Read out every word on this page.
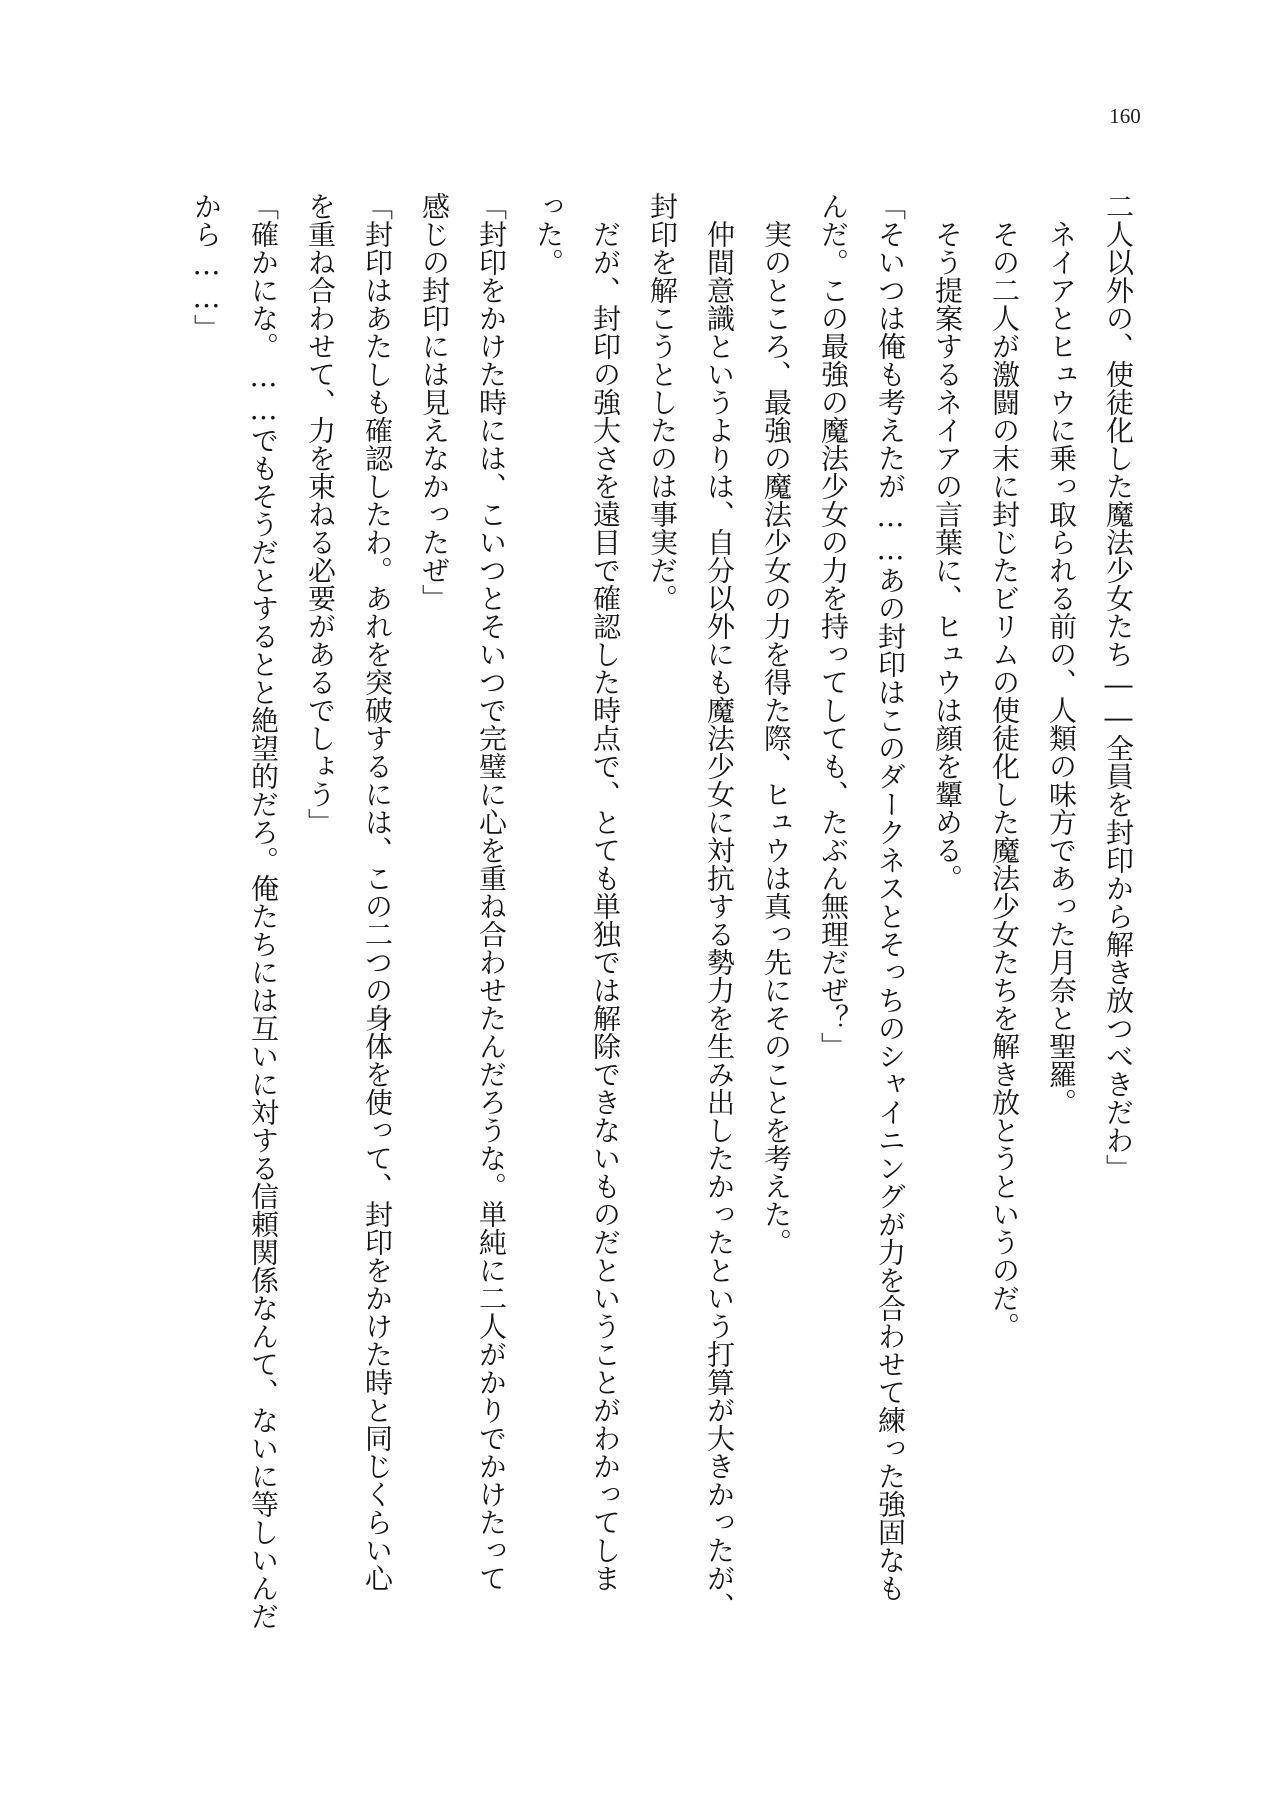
160
二人以外の、使徒化した魔法少女たち――全員を封印から解き放つべきだわ」
ネイアとヒュウに乗っ取られる前の、人類の味方であった月奈と聖羅。
その二人が激闘の末に封じたビリムの使徒化した魔法少女たちを解き放とうというのだ。
そう提案するネイアの言葉に、ヒュウは顔を顰める。
「そいつは俺も考えたが……あの封印はこのダークネスとそっちのシャイニングが力を合わせて練った強固なも
んだ。この最強の魔法少女の力を持ってしても、たぶん無理だぜ？」
実のところ、最強の魔法少女の力を得た際、ヒュウは真っ先にそのことを考えた。
仲間意識というよりは、自分以外にも魔法少女に対抗する勢力を生み出したかったという打算が大きかったが、
封印を解こうとしたのは事実だ。
だが、封印の強大さを遠目で確認した時点で、とても単独では解除できないものだということがわかってしま
った。
「封印をかけた時には、こいつとそいつで完璧に心を重ね合わせたんだろうな。単純に二人がかりでかけたって
感じの封印には見えなかったぜ」
「封印はあたしも確認したわ。あれを突破するには、この二つの身体を使って、封印をかけた時と同じくらい心
を重ね合わせて、力を束ねる必要があるでしょう」
「確かにな。……でもそうだとするとと絶望的だろ。俺たちには互いに対する信頼関係なんて、ないに等しいんだ
から……」
